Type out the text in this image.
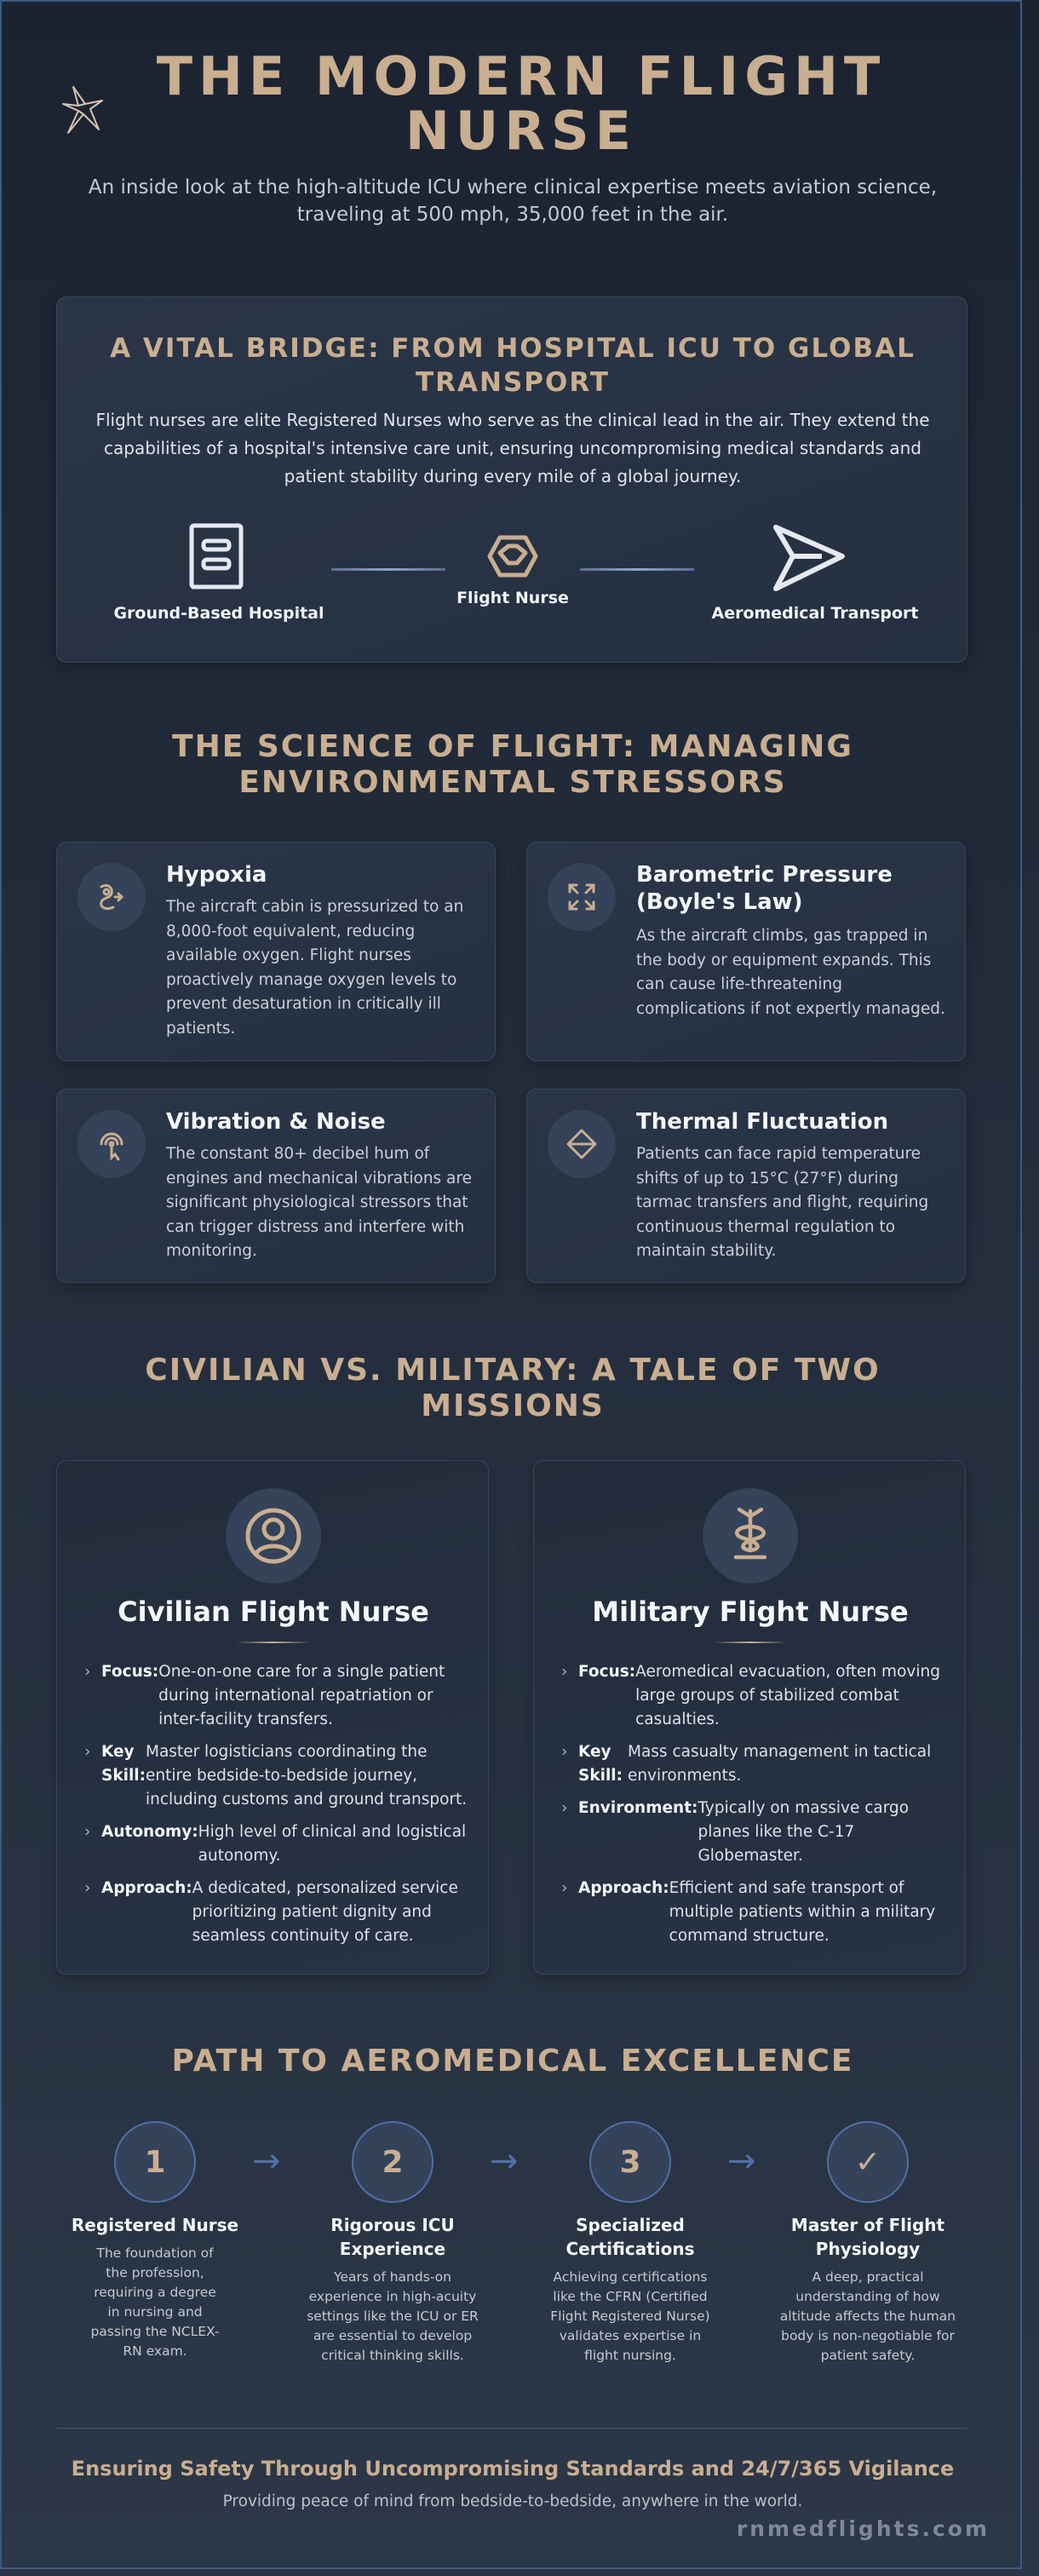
THE MODERN FLIGHT NURSE
An inside look at the high-altitude ICU where clinical expertise meets aviation science, traveling at 500 mph, 35,000 feet in the air.
A VITAL BRIDGE: FROM HOSPITAL ICU TO GLOBAL TRANSPORT
Flight nurses are elite Registered Nurses who serve as the clinical lead in the air. They extend the capabilities of a hospital's intensive care unit, ensuring uncompromising medical standards and patient stability during every mile of a global journey.
Ground-Based Hospital
Flight Nurse
Aeromedical Transport
THE SCIENCE OF FLIGHT: MANAGING ENVIRONMENTAL STRESSORS
Hypoxia
The aircraft cabin is pressurized to an 8,000-foot equivalent, reducing available oxygen. Flight nurses proactively manage oxygen levels to prevent desaturation in critically ill patients.
Barometric Pressure (Boyle's Law)
As the aircraft climbs, gas trapped in the body or equipment expands. This can cause life-threatening complications if not expertly managed.
Vibration & Noise
The constant 80+ decibel hum of engines and mechanical vibrations are significant physiological stressors that can trigger distress and interfere with monitoring.
Thermal Fluctuation
Patients can face rapid temperature shifts of up to 15°C (27°F) during tarmac transfers and flight, requiring continuous thermal regulation to maintain stability.
CIVILIAN VS. MILITARY: A TALE OF TWO MISSIONS
Civilian Flight Nurse
› Focus: One-on-one care for a single patient during international repatriation or inter-facility transfers.
› Key Skill:
Master logisticians coordinating the entire bedside-to-bedside journey, including customs and ground transport.
› Autonomy: High level of clinical and logistical autonomy.
› Approach: A dedicated, personalized service prioritizing patient dignity and seamless continuity of care.
Military Flight Nurse
› Focus: Aeromedical evacuation, often moving large groups of stabilized combat casualties.
› Key Skill:
Mass casualty management in tactical environments.
› Environment: Typically on massive cargo planes like the C-17 Globemaster.
› Approach: Efficient and safe transport of multiple patients within a military command structure.
PATH TO AEROMEDICAL EXCELLENCE
1
Registered Nurse
The foundation of the profession, requiring a degree in nursing and passing the NCLEX-RN exam.
→	2
Rigorous ICU Experience
Years of hands-on experience in high-acuity settings like the ICU or ER are essential to develop critical thinking skills.
→	3
Specialized Certifications
Achieving certifications like the CFRN (Certified Flight Registered Nurse) validates expertise in flight nursing.
→	✓
Master of Flight Physiology
A deep, practical understanding of how altitude affects the human body is non-negotiable for patient safety.
Ensuring Safety Through Uncompromising Standards and 24/7/365 Vigilance
Providing peace of mind from bedside-to-bedside, anywhere in the world.
rnmedflights.com
